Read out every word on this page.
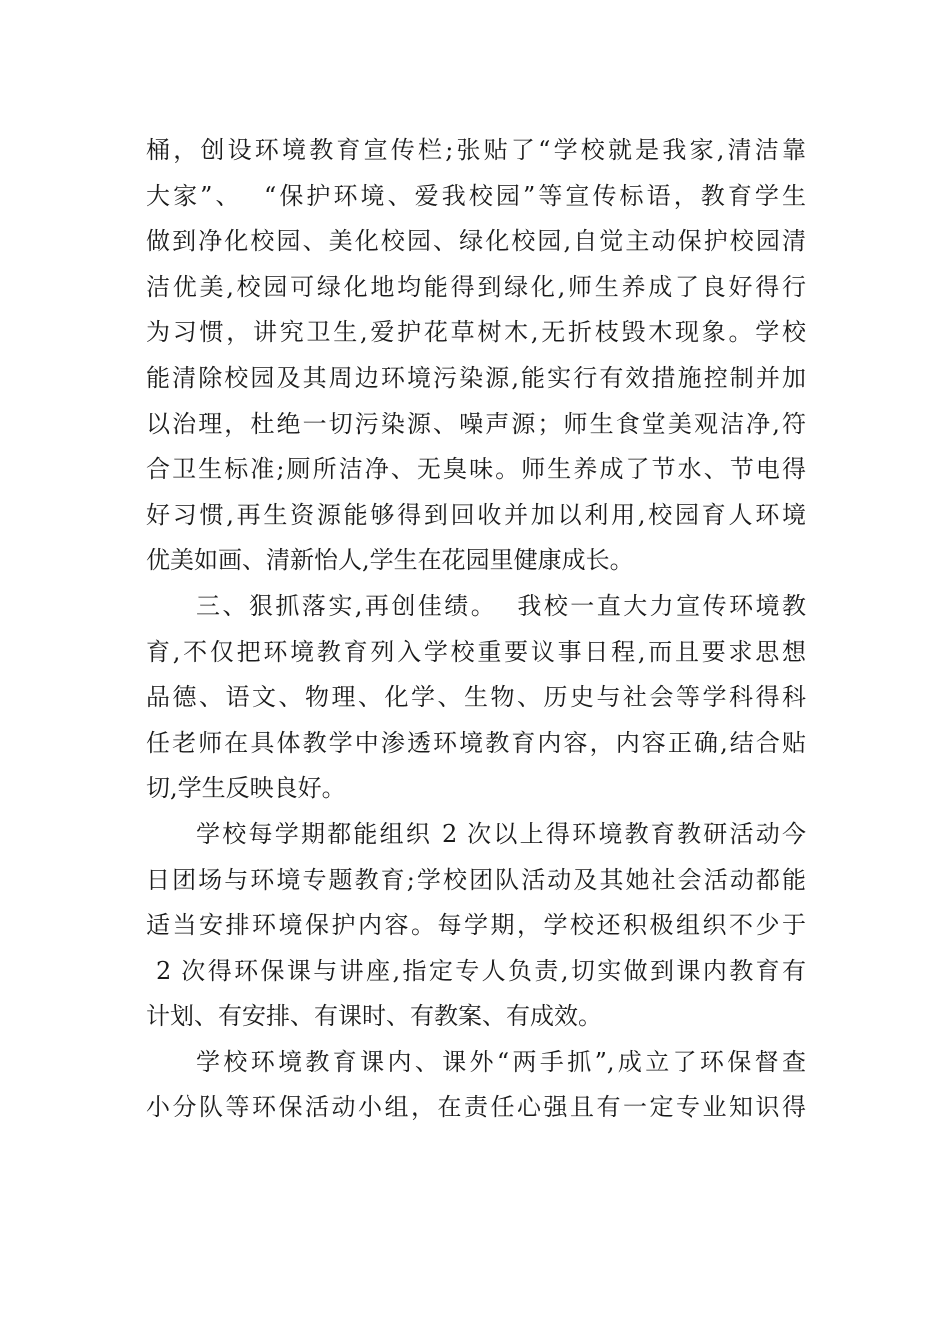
桶，创设环境教育宣传栏;张贴了“学校就是我家,清洁靠
大家”、  “保护环境、爱我校园”等宣传标语，教育学生
做到净化校园、美化校园、绿化校园,自觉主动保护校园清
洁优美,校园可绿化地均能得到绿化,师生养成了良好得行
为习惯，讲究卫生,爱护花草树木,无折枝毁木现象。学校
能清除校园及其周边环境污染源,能实行有效措施控制并加
以治理，杜绝一切污染源、噪声源；师生食堂美观洁净,符
合卫生标准;厕所洁净、无臭味。师生养成了节水、节电得
好习惯,再生资源能够得到回收并加以利用,校园育人环境
优美如画、清新怡人,学生在花园里健康成长。
三、狠抓落实,再创佳绩。  我校一直大力宣传环境教
育,不仅把环境教育列入学校重要议事日程,而且要求思想
品德、语文、物理、化学、生物、历史与社会等学科得科
任老师在具体教学中渗透环境教育内容，内容正确,结合贴
切,学生反映良好。
学校每学期都能组织 2 次以上得环境教育教研活动今
日团场与环境专题教育;学校团队活动及其她社会活动都能
适当安排环境保护内容。每学期，学校还积极组织不少于
2 次得环保课与讲座,指定专人负责,切实做到课内教育有
计划、有安排、有课时、有教案、有成效。
学校环境教育课内、课外“两手抓”,成立了环保督查
小分队等环保活动小组，在责任心强且有一定专业知识得
